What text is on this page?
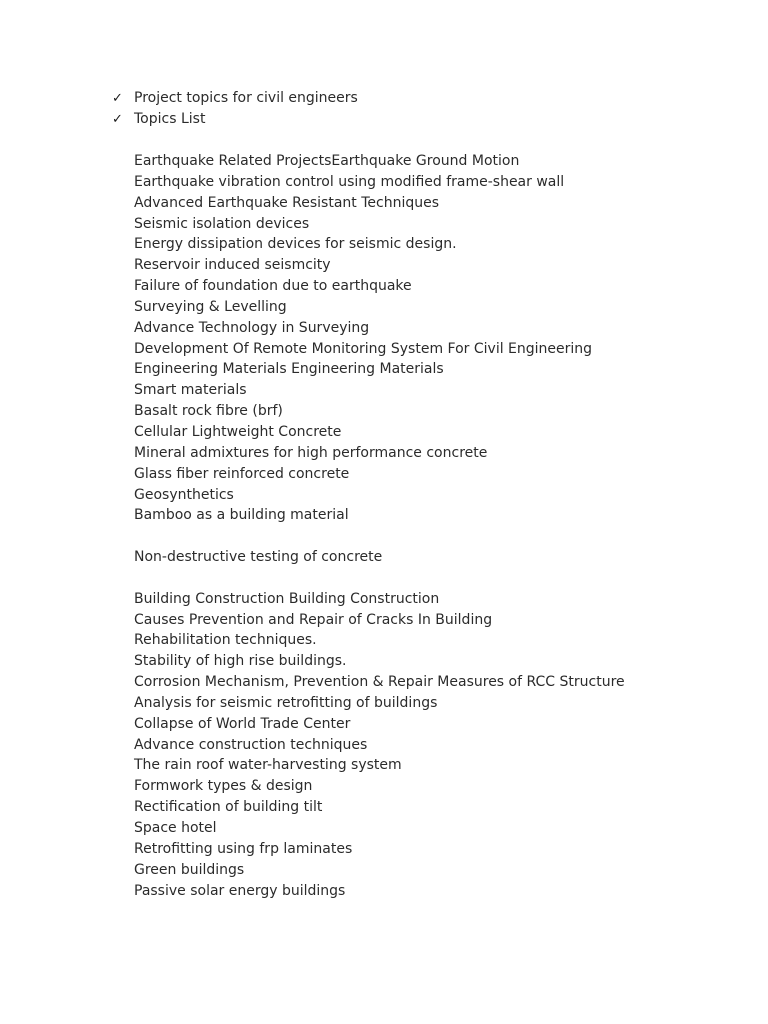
✓ Project topics for civil engineers
✓ Topics List
Earthquake Related ProjectsEarthquake Ground Motion
Earthquake vibration control using modified frame-shear wall
Advanced Earthquake Resistant Techniques
Seismic isolation devices
Energy dissipation devices for seismic design.
Reservoir induced seismcity
Failure of foundation due to earthquake
Surveying & Levelling
Advance Technology in Surveying
Development Of Remote Monitoring System For Civil Engineering
Engineering Materials Engineering Materials
Smart materials
Basalt rock fibre (brf)
Cellular Lightweight Concrete
Mineral admixtures for high performance concrete
Glass fiber reinforced concrete
Geosynthetics
Bamboo as a building material
Non-destructive testing of concrete
Building Construction Building Construction
Causes Prevention and Repair of Cracks In Building
Rehabilitation techniques.
Stability of high rise buildings.
Corrosion Mechanism, Prevention & Repair Measures of RCC Structure
Analysis for seismic retrofitting of buildings
Collapse of World Trade Center
Advance construction techniques
The rain roof water-harvesting system
Formwork types & design
Rectification of building tilt
Space hotel
Retrofitting using frp laminates
Green buildings
Passive solar energy buildings
